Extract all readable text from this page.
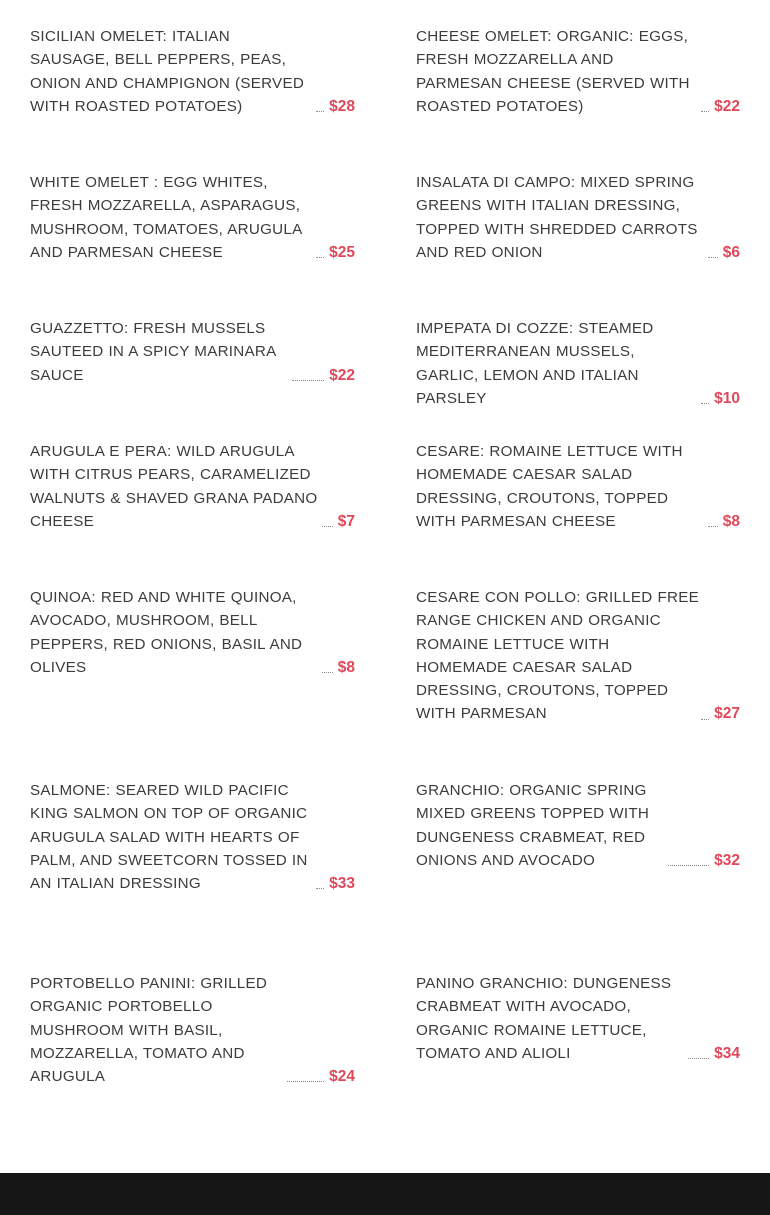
SICILIAN OMELET: ITALIAN SAUSAGE, BELL PEPPERS, PEAS, ONION AND CHAMPIGNON (SERVED WITH ROASTED POTATOES)	$28
WHITE OMELET : EGG WHITES, FRESH MOZZARELLA, ASPARAGUS, MUSHROOM, TOMATOES, ARUGULA AND PARMESAN CHEESE	$25
GUAZZETTO: FRESH MUSSELS SAUTEED IN A SPICY MARINARA SAUCE	$22
ARUGULA E PERA: WILD ARUGULA WITH CITRUS PEARS, CARAMELIZED WALNUTS & SHAVED GRANA PADANO CHEESE	$7
QUINOA: RED AND WHITE QUINOA, AVOCADO, MUSHROOM, BELL PEPPERS, RED ONIONS, BASIL AND OLIVES	$8
SALMONE: SEARED WILD PACIFIC KING SALMON ON TOP OF ORGANIC ARUGULA SALAD WITH HEARTS OF PALM, AND SWEETCORN TOSSED IN AN ITALIAN DRESSING	$33
PORTOBELLO PANINI: GRILLED ORGANIC PORTOBELLO MUSHROOM WITH BASIL, MOZZARELLA, TOMATO AND ARUGULA	$24
CHEESE OMELET: ORGANIC: EGGS, FRESH MOZZARELLA AND PARMESAN CHEESE (SERVED WITH ROASTED POTATOES)	$22
INSALATA DI CAMPO: MIXED SPRING GREENS WITH ITALIAN DRESSING, TOPPED WITH SHREDDED CARROTS AND RED ONION	$6
IMPEPATA DI COZZE: STEAMED MEDITERRANEAN MUSSELS, GARLIC, LEMON AND ITALIAN PARSLEY	$10
CESARE: ROMAINE LETTUCE WITH HOMEMADE CAESAR SALAD DRESSING, CROUTONS, TOPPED WITH PARMESAN CHEESE	$8
CESARE CON POLLO: GRILLED FREE RANGE CHICKEN AND ORGANIC ROMAINE LETTUCE WITH HOMEMADE CAESAR SALAD DRESSING, CROUTONS, TOPPED WITH PARMESAN	$27
GRANCHIO: ORGANIC SPRING MIXED GREENS TOPPED WITH DUNGENESS CRABMEAT, RED ONIONS AND AVOCADO	$32
PANINO GRANCHIO: DUNGENESS CRABMEAT WITH AVOCADO, ORGANIC ROMAINE LETTUCE, TOMATO AND ALIOLI	$34
